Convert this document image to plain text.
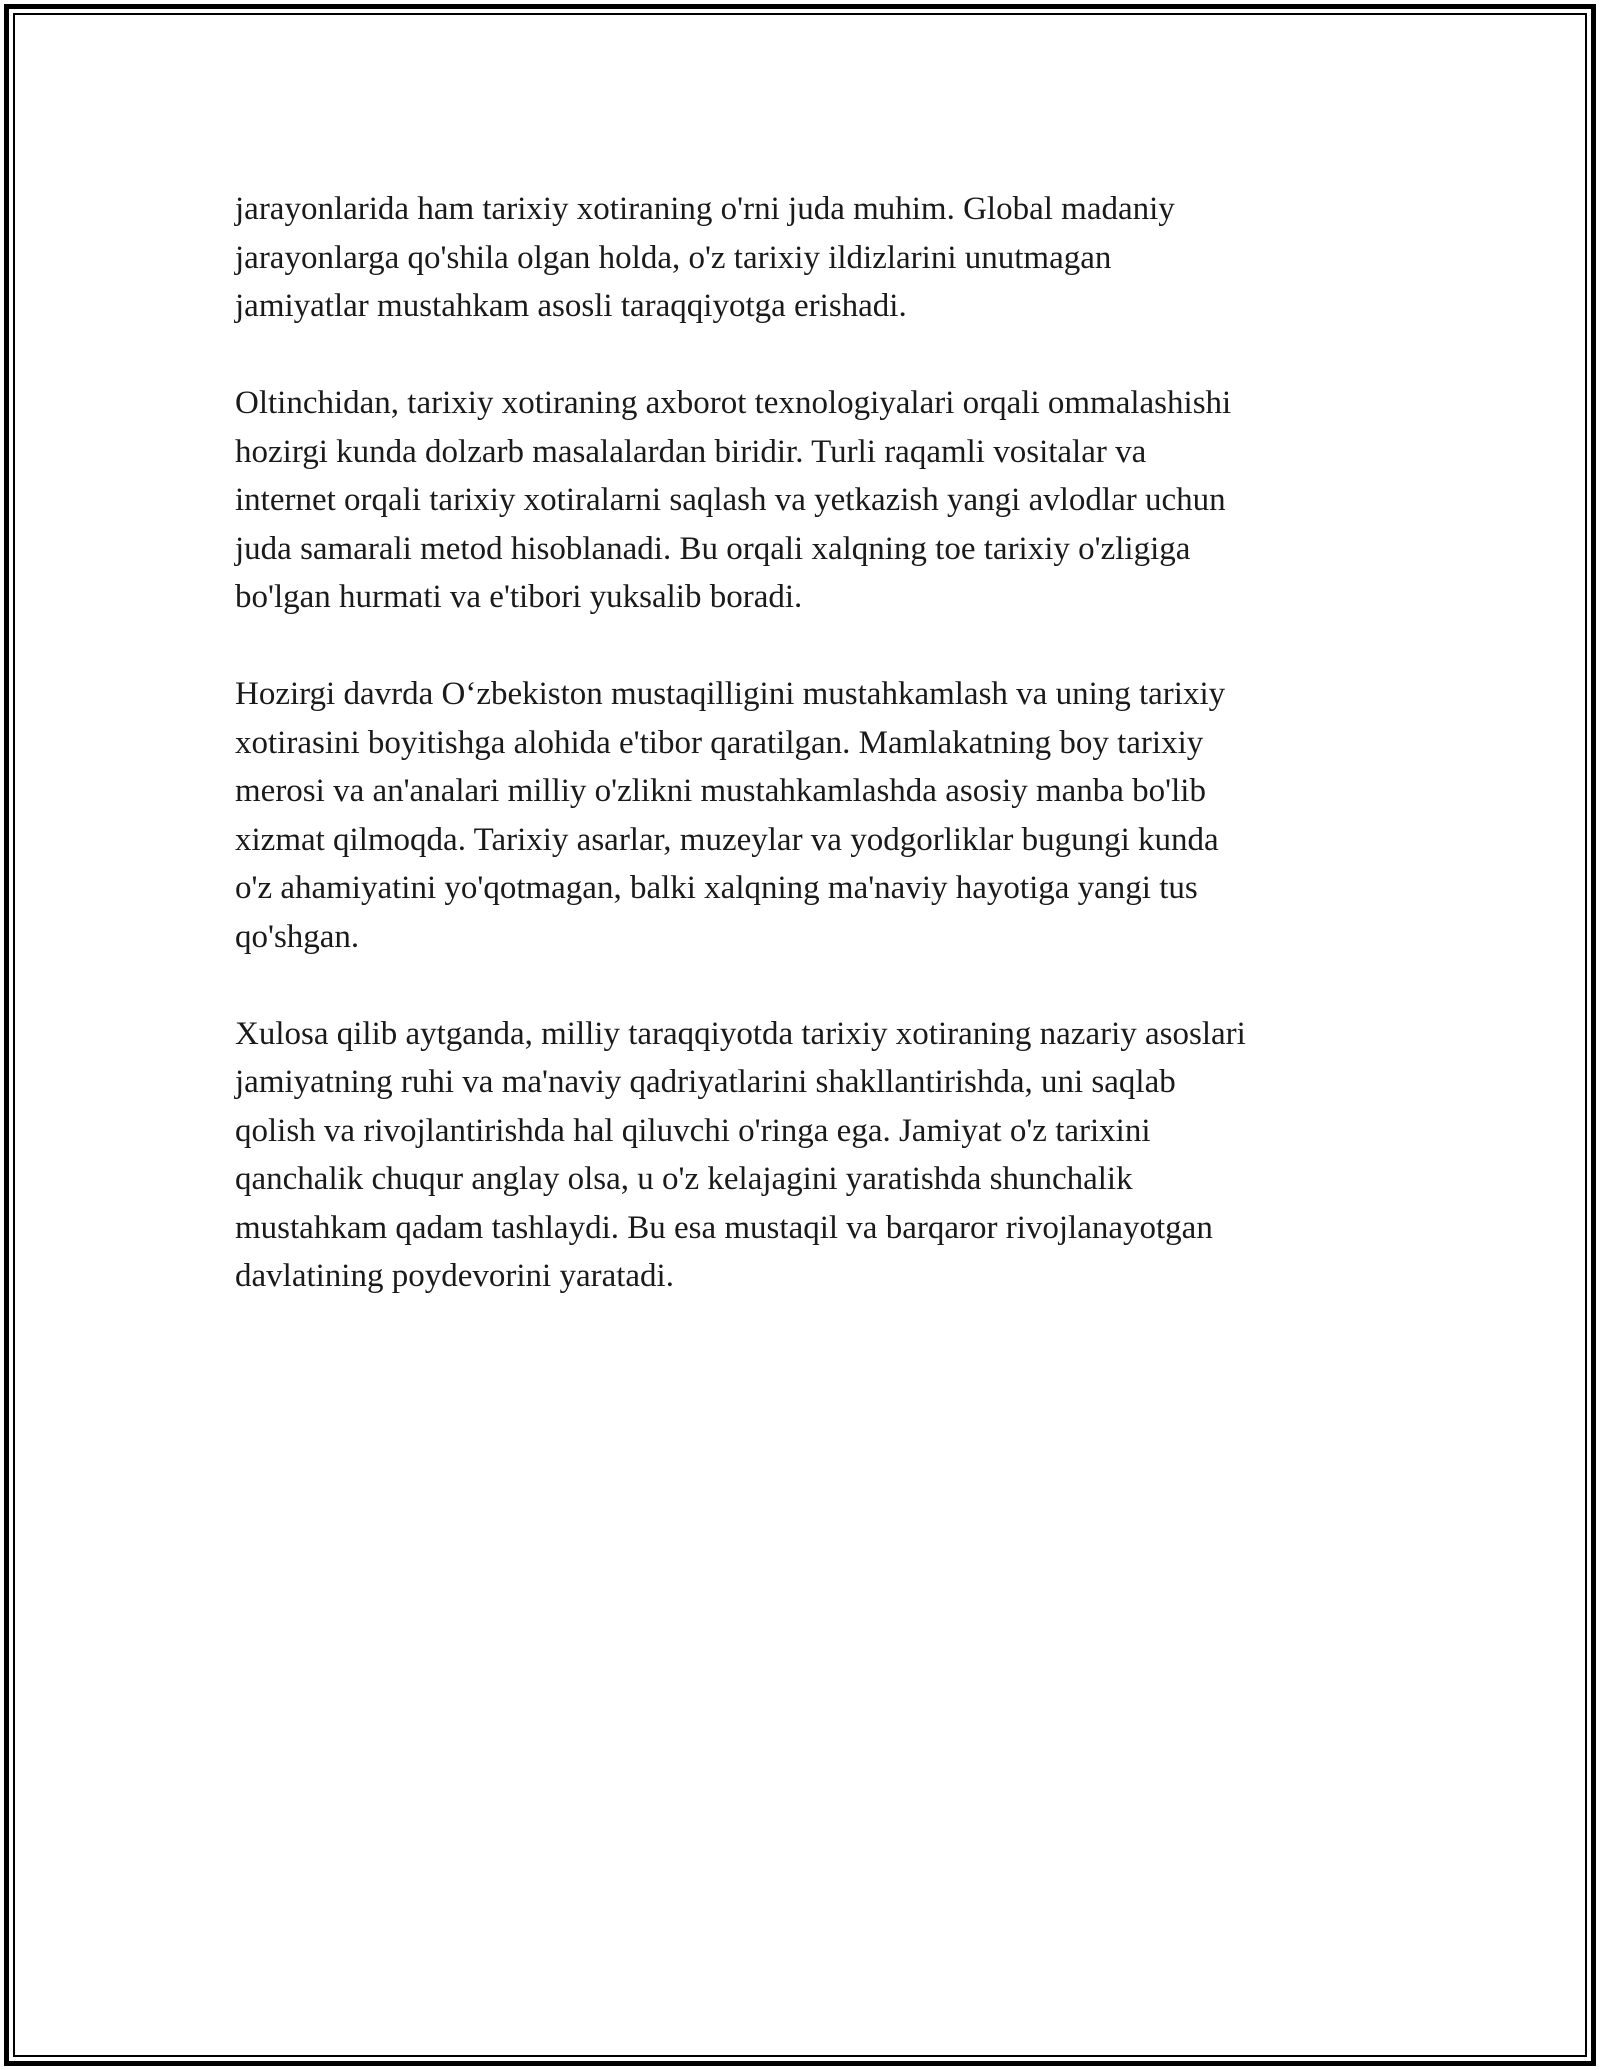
jarayonlarida ham tarixiy xotiraning o'rni juda muhim. Global madaniy
jarayonlarga qo'shila olgan holda, o'z tarixiy ildizlarini unutmagan
jamiyatlar mustahkam asosli taraqqiyotga erishadi.

Oltinchidan, tarixiy xotiraning axborot texnologiyalari orqali ommalashishi
hozirgi kunda dolzarb masalalardan biridir. Turli raqamli vositalar va
internet orqali tarixiy xotiralarni saqlash va yetkazish yangi avlodlar uchun
juda samarali metod hisoblanadi. Bu orqali xalqning toe tarixiy o'zligiga
bo'lgan hurmati va e'tibori yuksalib boradi.

Hozirgi davrda O‘zbekiston mustaqilligini mustahkamlash va uning tarixiy
xotirasini boyitishga alohida e'tibor qaratilgan. Mamlakatning boy tarixiy
merosi va an'analari milliy o'zlikni mustahkamlashda asosiy manba bo'lib
xizmat qilmoqda. Tarixiy asarlar, muzeylar va yodgorliklar bugungi kunda
o'z ahamiyatini yo'qotmagan, balki xalqning ma'naviy hayotiga yangi tus
qo'shgan.

Xulosa qilib aytganda, milliy taraqqiyotda tarixiy xotiraning nazariy asoslari
jamiyatning ruhi va ma'naviy qadriyatlarini shakllantirishda, uni saqlab
qolish va rivojlantirishda hal qiluvchi o'ringa ega. Jamiyat o'z tarixini
qanchalik chuqur anglay olsa, u o'z kelajagini yaratishda shunchalik
mustahkam qadam tashlaydi. Bu esa mustaqil va barqaror rivojlanayotgan
davlatining poydevorini yaratadi.
